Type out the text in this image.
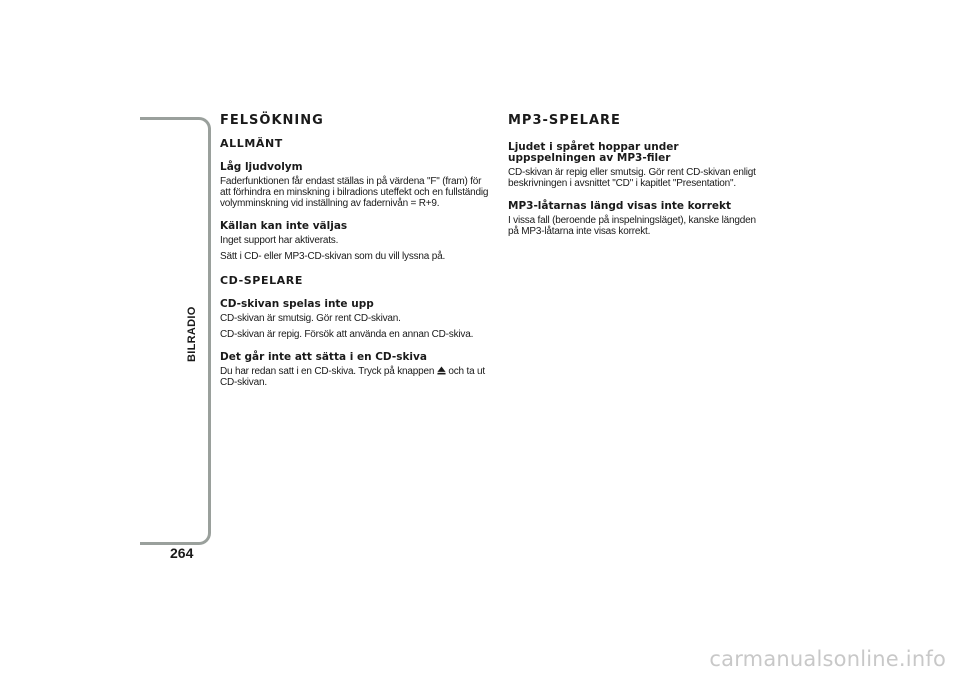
BILRADIO
264
FELSÖKNING
ALLMÄNT
Låg ljudvolym
Faderfunktionen får endast ställas in på värdena "F" (fram) för att förhindra en minskning i bilradions uteffekt och en fullständig volymminskning vid inställning av fadernivån = R+9.
Källan kan inte väljas
Inget support har aktiverats.
Sätt i CD- eller MP3-CD-skivan som du vill lyssna på.
CD-SPELARE
CD-skivan spelas inte upp
CD-skivan är smutsig. Gör rent CD-skivan.
CD-skivan är repig. Försök att använda en annan CD-skiva.
Det går inte att sätta i en CD-skiva
Du har redan satt i en CD-skiva. Tryck på knappen och ta ut CD-skivan.
MP3-SPELARE
Ljudet i spåret hoppar under uppspelningen av MP3-filer
CD-skivan är repig eller smutsig. Gör rent CD-skivan enligt beskrivningen i avsnittet "CD" i kapitlet "Presentation".
MP3-låtarnas längd visas inte korrekt
I vissa fall (beroende på inspelningsläget), kanske längden på MP3-låtarna inte visas korrekt.
carmanualsonline.info
